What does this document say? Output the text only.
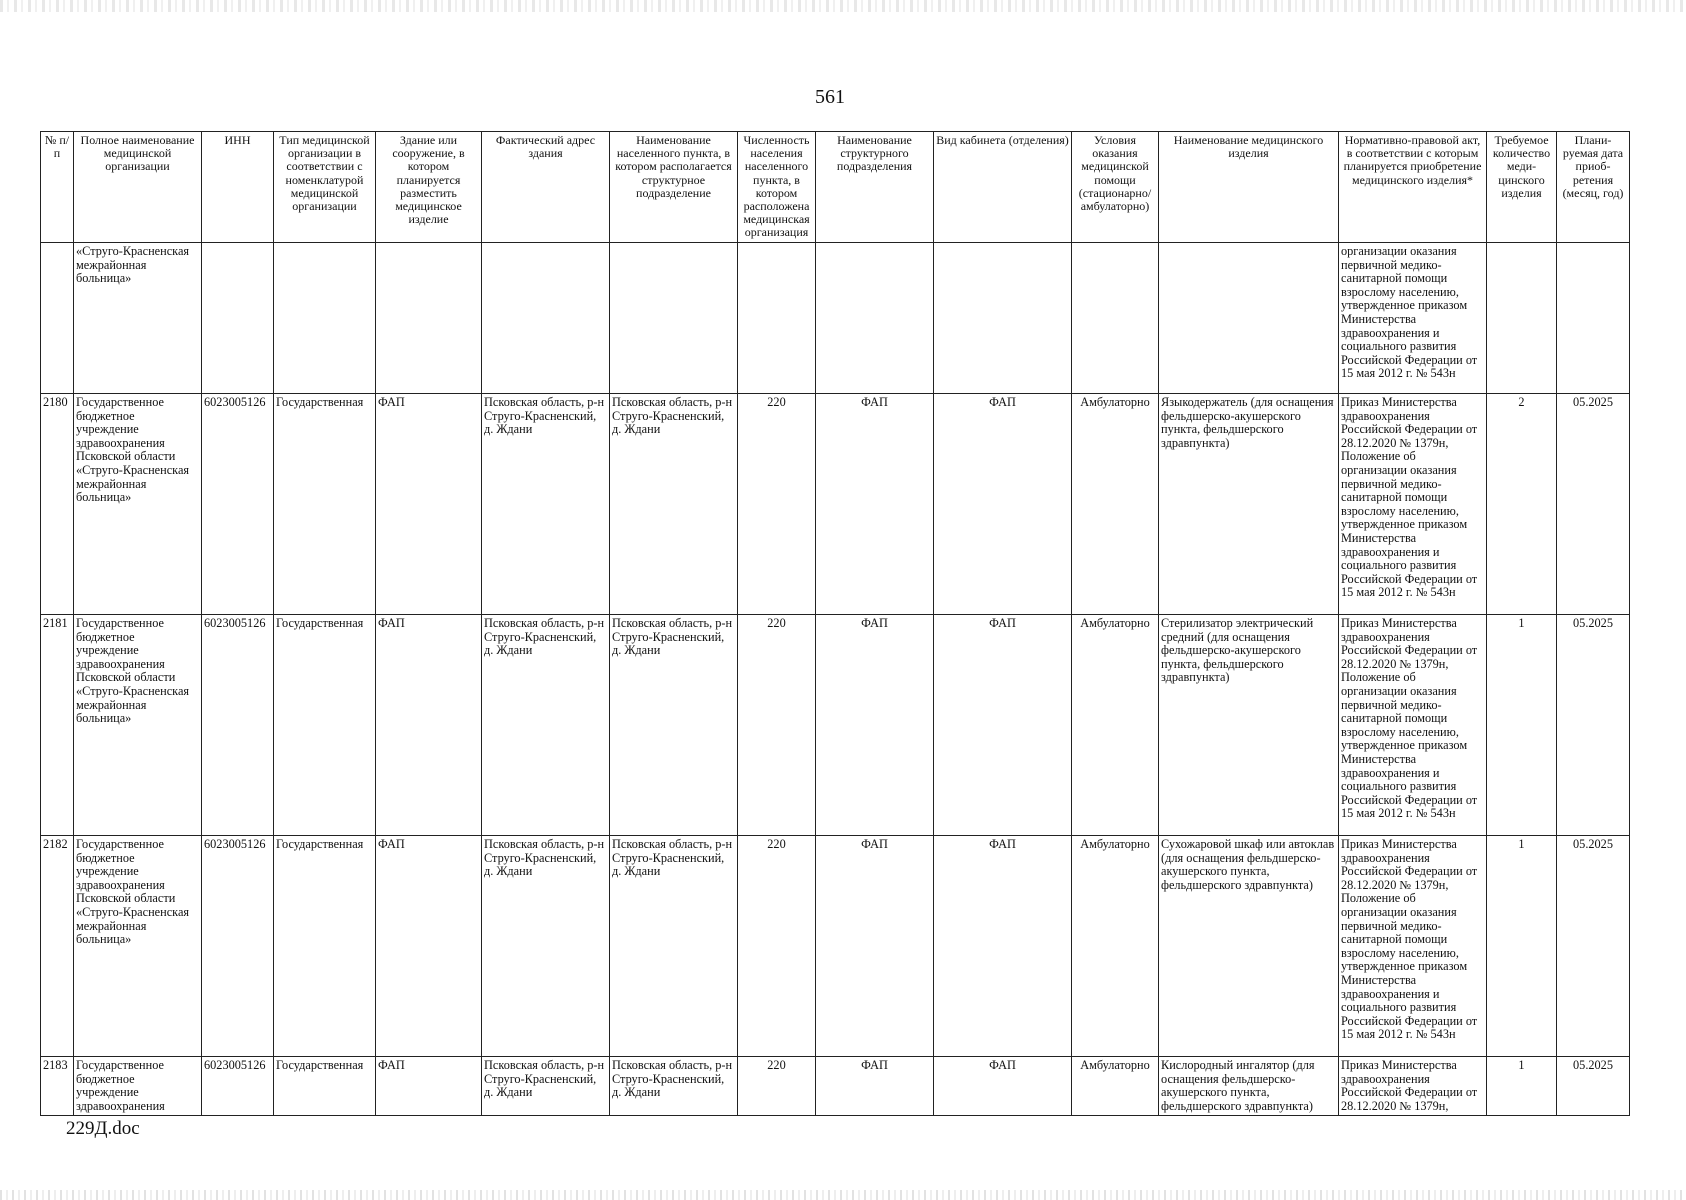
561
№ п/п	Полное наименование медицинской организации	ИНН	Тип медицинской организации в соответствии с номенклатурой медицинской организации	Здание или сооружение, в котором планируется разместить медицинское изделие	Фактический адрес здания	Наименование населенного пункта, в котором располагается структурное подразделение	Численность населения населенного пункта, в котором расположена медицинская организация	Наименование структурного подразделения	Вид кабинета (отделения)	Условия оказания медицинской помощи (стационарно/ амбулаторно)	Наименование медицинского изделия	Нормативно-правовой акт, в соответствии с которым планируется приобретение медицинского изделия*	Требуемое количество меди-цинского изделия	Плани-руемая дата приоб-ретения (месяц, год)
	«Струго-Красненская межрайонная больница»											организации оказания первичной медико-санитарной помощи взрослому населению, утвержденное приказом Министерства здравоохранения и социального развития Российской Федерации от 15 мая 2012 г. № 543н		
2180	Государственное бюджетное учреждение здравоохранения Псковской области «Струго-Красненская межрайонная больница»	6023005126	Государственная	ФАП	Псковская область, р-н Струго-Красненский, д. Ждани	Псковская область, р-н Струго-Красненский, д. Ждани	220	ФАП	ФАП	Амбулаторно	Языкодержатель (для оснащения фельдшерско-акушерского пункта, фельдшерского здравпункта)	Приказ Министерства здравоохранения Российской Федерации от 28.12.2020 № 1379н, Положение об организации оказания первичной медико-санитарной помощи взрослому населению, утвержденное приказом Министерства здравоохранения и социального развития Российской Федерации от 15 мая 2012 г. № 543н	2	05.2025
2181	Государственное бюджетное учреждение здравоохранения Псковской области «Струго-Красненская межрайонная больница»	6023005126	Государственная	ФАП	Псковская область, р-н Струго-Красненский, д. Ждани	Псковская область, р-н Струго-Красненский, д. Ждани	220	ФАП	ФАП	Амбулаторно	Стерилизатор электрический средний (для оснащения фельдшерско-акушерского пункта, фельдшерского здравпункта)	Приказ Министерства здравоохранения Российской Федерации от 28.12.2020 № 1379н, Положение об организации оказания первичной медико-санитарной помощи взрослому населению, утвержденное приказом Министерства здравоохранения и социального развития Российской Федерации от 15 мая 2012 г. № 543н	1	05.2025
2182	Государственное бюджетное учреждение здравоохранения Псковской области «Струго-Красненская межрайонная больница»	6023005126	Государственная	ФАП	Псковская область, р-н Струго-Красненский, д. Ждани	Псковская область, р-н Струго-Красненский, д. Ждани	220	ФАП	ФАП	Амбулаторно	Сухожаровой шкаф или автоклав (для оснащения фельдшерско-акушерского пункта, фельдшерского здравпункта)	Приказ Министерства здравоохранения Российской Федерации от 28.12.2020 № 1379н, Положение об организации оказания первичной медико-санитарной помощи взрослому населению, утвержденное приказом Министерства здравоохранения и социального развития Российской Федерации от 15 мая 2012 г. № 543н	1	05.2025
2183	Государственное бюджетное учреждение здравоохранения	6023005126	Государственная	ФАП	Псковская область, р-н Струго-Красненский, д. Ждани	Псковская область, р-н Струго-Красненский, д. Ждани	220	ФАП	ФАП	Амбулаторно	Кислородный ингалятор (для оснащения фельдшерско-акушерского пункта, фельдшерского здравпункта)	Приказ Министерства здравоохранения Российской Федерации от 28.12.2020 № 1379н,	1	05.2025
229Д.doc
